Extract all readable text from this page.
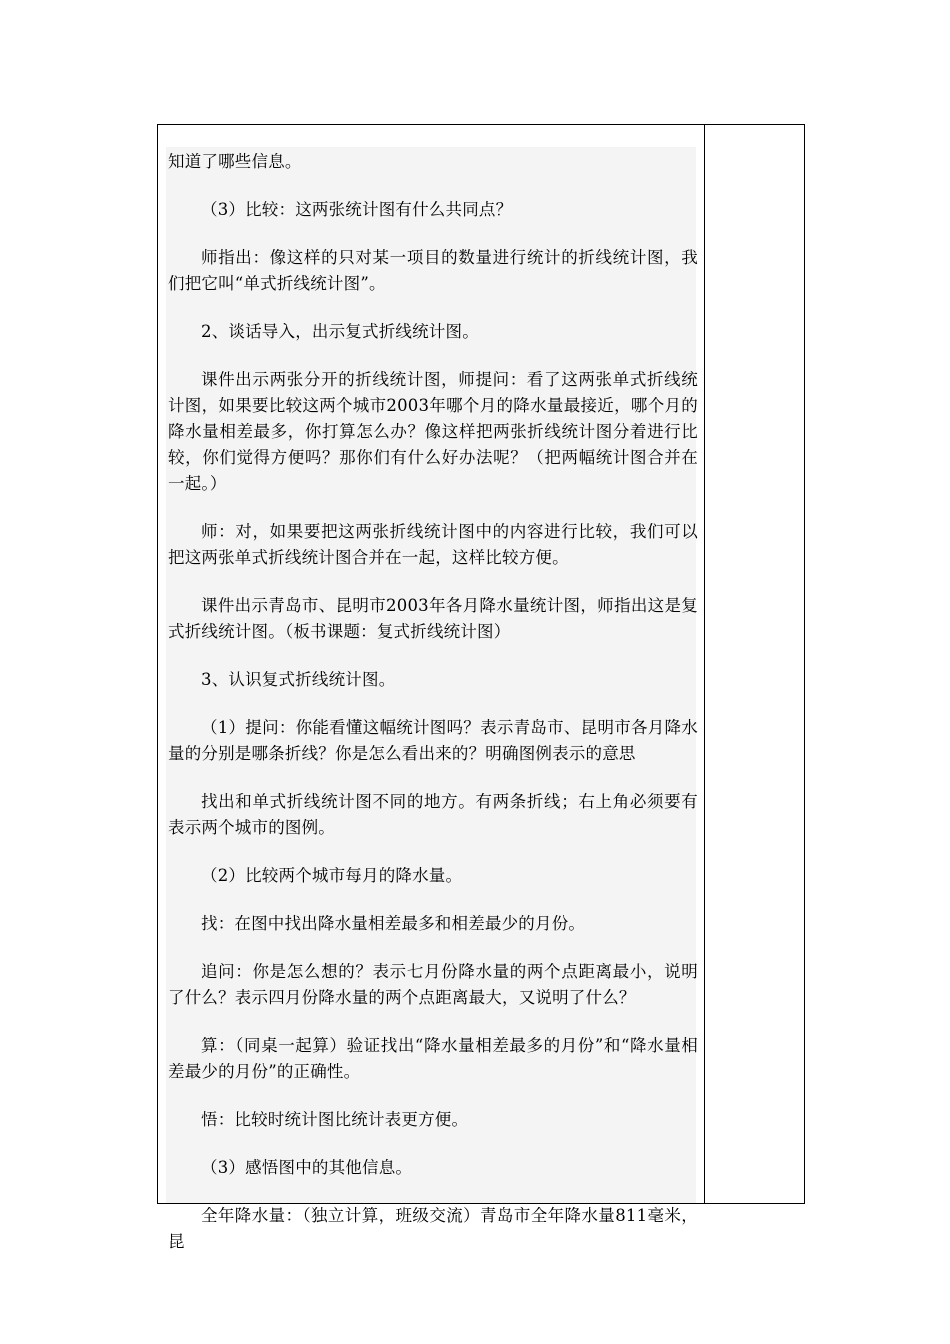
知道了哪些信息。

（3）比较：这两张统计图有什么共同点？

师指出：像这样的只对某一项目的数量进行统计的折线统计图，我们把它叫“单式折线统计图”。

2、谈话导入，出示复式折线统计图。

课件出示两张分开的折线统计图，师提问：看了这两张单式折线统计图，如果要比较这两个城市2003年哪个月的降水量最接近，哪个月的降水量相差最多，你打算怎么办？像这样把两张折线统计图分着进行比较，你们觉得方便吗？那你们有什么好办法呢？（把两幅统计图合并在一起。）

师：对，如果要把这两张折线统计图中的内容进行比较，我们可以把这两张单式折线统计图合并在一起，这样比较方便。

课件出示青岛市、昆明市2003年各月降水量统计图，师指出这是复式折线统计图。（板书课题：复式折线统计图）

3、认识复式折线统计图。

（1）提问：你能看懂这幅统计图吗？表示青岛市、昆明市各月降水量的分别是哪条折线？你是怎么看出来的？明确图例表示的意思

找出和单式折线统计图不同的地方。有两条折线；右上角必须要有表示两个城市的图例。

（2）比较两个城市每月的降水量。

找：在图中找出降水量相差最多和相差最少的月份。

追问：你是怎么想的？表示七月份降水量的两个点距离最小，说明了什么？表示四月份降水量的两个点距离最大，又说明了什么？

算：（同桌一起算）验证找出“降水量相差最多的月份”和“降水量相差最少的月份”的正确性。

悟：比较时统计图比统计表更方便。

（3）感悟图中的其他信息。

全年降水量：（独立计算，班级交流）青岛市全年降水量811毫米，昆
